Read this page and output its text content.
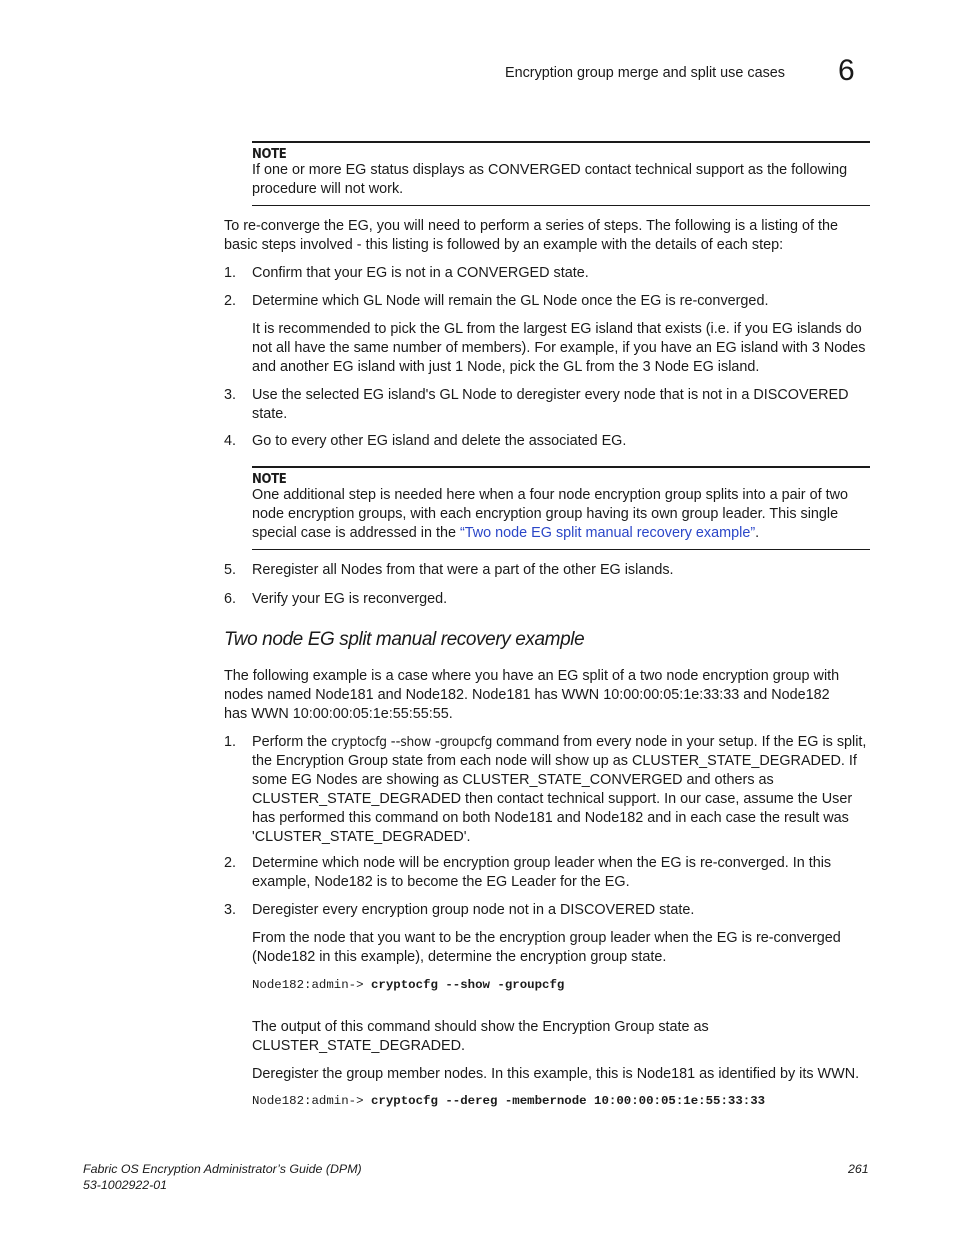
Encryption group merge and split use cases 6
NOTE
If one or more EG status displays as CONVERGED contact technical support as the following procedure will not work.
To re-converge the EG, you will need to perform a series of steps. The following is a listing of the basic steps involved - this listing is followed by an example with the details of each step:
1. Confirm that your EG is not in a CONVERGED state.
2. Determine which GL Node will remain the GL Node once the EG is re-converged.
It is recommended to pick the GL from the largest EG island that exists (i.e. if you EG islands do not all have the same number of members). For example, if you have an EG island with 3 Nodes and another EG island with just 1 Node, pick the GL from the 3 Node EG island.
3. Use the selected EG island's GL Node to deregister every node that is not in a DISCOVERED state.
4. Go to every other EG island and delete the associated EG.
NOTE
One additional step is needed here when a four node encryption group splits into a pair of two node encryption groups, with each encryption group having its own group leader. This single special case is addressed in the “Two node EG split manual recovery example”.
5. Reregister all Nodes from that were a part of the other EG islands.
6. Verify your EG is reconverged.
Two node EG split manual recovery example
The following example is a case where you have an EG split of a two node encryption group with nodes named Node181 and Node182. Node181 has WWN 10:00:00:05:1e:33:33 and Node182 has WWN 10:00:00:05:1e:55:55:55.
1. Perform the cryptocfg --show -groupcfg command from every node in your setup. If the EG is split, the Encryption Group state from each node will show up as CLUSTER_STATE_DEGRADED. If some EG Nodes are showing as CLUSTER_STATE_CONVERGED and others as CLUSTER_STATE_DEGRADED then contact technical support. In our case, assume the User has performed this command on both Node181 and Node182 and in each case the result was 'CLUSTER_STATE_DEGRADED'.
2. Determine which node will be encryption group leader when the EG is re-converged. In this example, Node182 is to become the EG Leader for the EG.
3. Deregister every encryption group node not in a DISCOVERED state.
From the node that you want to be the encryption group leader when the EG is re-converged (Node182 in this example), determine the encryption group state.
Node182:admin-> cryptocfg --show -groupcfg
The output of this command should show the Encryption Group state as CLUSTER_STATE_DEGRADED.
Deregister the group member nodes. In this example, this is Node181 as identified by its WWN.
Node182:admin-> cryptocfg --dereg -membernode 10:00:00:05:1e:55:33:33
Fabric OS Encryption Administrator’s Guide (DPM)
53-1002922-01
261
